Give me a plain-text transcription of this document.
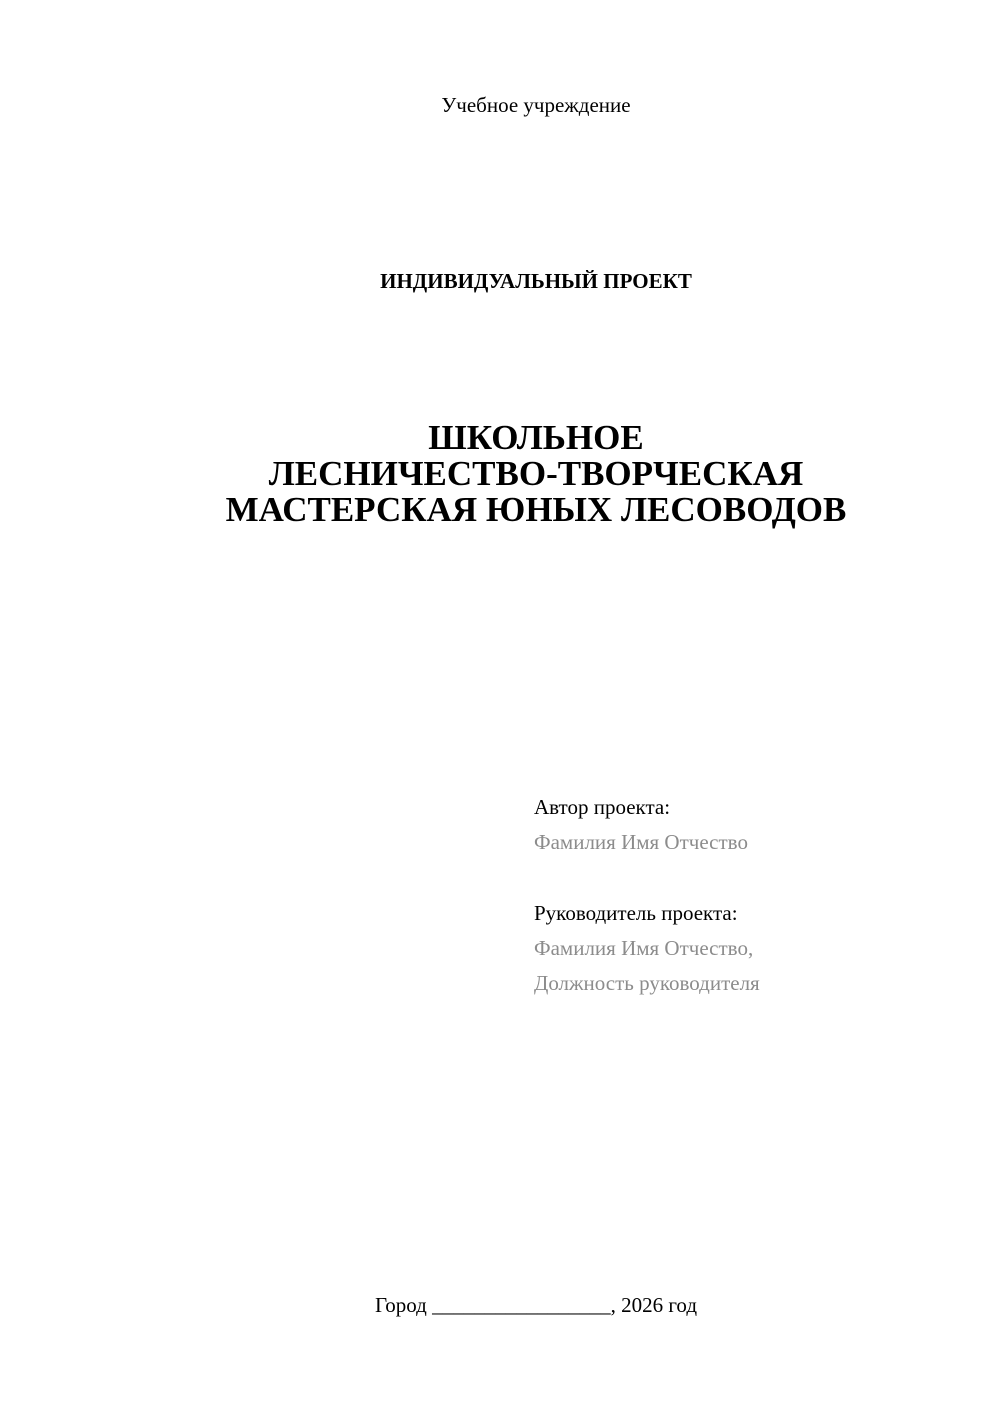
Учебное учреждение
ИНДИВИДУАЛЬНЫЙ ПРОЕКТ
ШКОЛЬНОЕ
ЛЕСНИЧЕСТВО-ТВОРЧЕСКАЯ
МАСТЕРСКАЯ ЮНЫХ ЛЕСОВОДОВ
Автор проекта:
Фамилия Имя Отчество
Руководитель проекта:
Фамилия Имя Отчество,
Должность руководителя
Город _________________, 2026 год
